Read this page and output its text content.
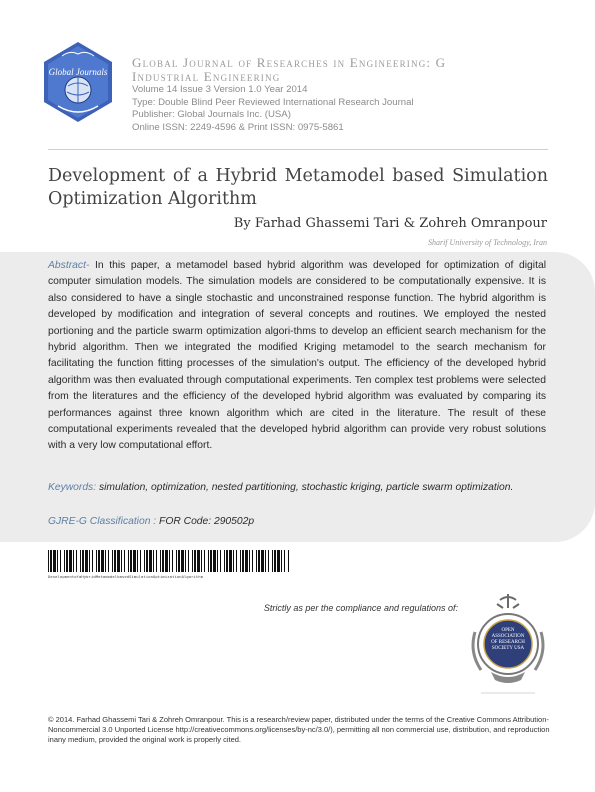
Global Journals
Global Journal of Researches in Engineering: G
Industrial Engineering
Volume 14 Issue 3 Version 1.0 Year 2014
Type: Double Blind Peer Reviewed International Research Journal
Publisher: Global Journals Inc. (USA)
Online ISSN: 2249-4596 & Print ISSN: 0975-5861
Development of a Hybrid Metamodel based Simulation Optimization Algorithm
By Farhad Ghassemi Tari & Zohreh Omranpour
Sharif University of Technology, Iran
Abstract- In this paper, a metamodel based hybrid algorithm was developed for optimization of digital computer simulation models. The simulation models are considered to be computationally expensive. It is also considered to have a single stochastic and unconstrained response function. The hybrid algorithm is developed by modification and integration of several concepts and routines. We employed the nested portioning and the particle swarm optimization algori-thms to develop an efficient search mechanism for the hybrid algorithm. Then we integrated the modified Kriging metamodel to the search mechanism for facilitating the function fitting processes of the simulation's output. The efficiency of the developed hybrid algorithm was then evaluated through computational experiments. Ten complex test problems were selected from the literatures and the efficiency of the developed hybrid algorithm was evaluated by comparing its performances against three known algorithm which are cited in the literature. The result of these computational experiments revealed that the developed hybrid algorithm can provide very robust solutions with a very low computational effort.
Keywords: simulation, optimization, nested partitioning, stochastic kriging, particle swarm optimization.
GJRE-G Classification : FOR Code: 290502p
DevelopmentofaHybridMetamodelbasedSimulationOptimizationAlgorithm
Strictly as per the compliance and regulations of:
OPEN ASSOCIATION OF RESEARCH SOCIETY USA
© 2014. Farhad Ghassemi Tari & Zohreh Omranpour. This is a research/review paper, distributed under the terms of the Creative Commons Attribution-Noncommercial 3.0 Unported License http://creativecommons.org/licenses/by-nc/3.0/), permitting all non commercial use, distribution, and reproduction inany medium, provided the original work is properly cited.
